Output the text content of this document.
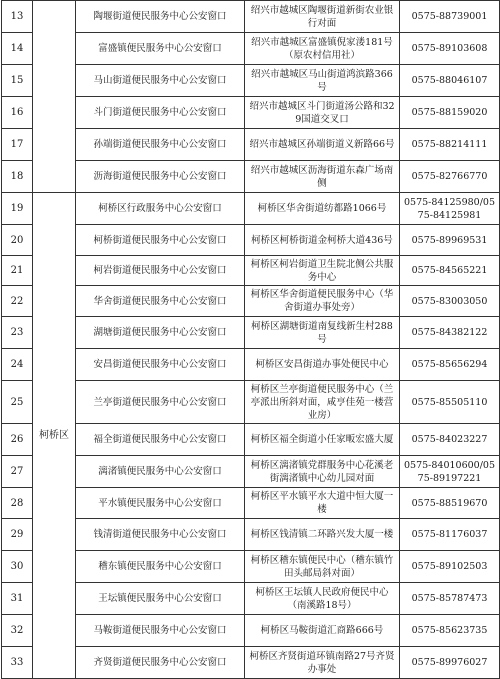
13		陶堰街道便民服务中心公安窗口	绍兴市越城区陶堰街道新街农业银行对面	0575-88739001
14		富盛镇便民服务中心公安窗口	绍兴市越城区富盛镇倪家溇181号（原农村信用社）	0575-89103608
15		马山街道便民服务中心公安窗口	绍兴市越城区马山街道鸿滨路366号	0575-88046107
16		斗门街道便民服务中心公安窗口	绍兴市越城区斗门街道汤公路和329国道交叉口	0575-88159020
17		孙端街道便民服务中心公安窗口	绍兴市越城区孙端街道义新路66号	0575-88214111
18		沥海街道便民服务中心公安窗口	绍兴市越城区沥海街道东森广场南侧	0575-82766770
19	柯桥区	柯桥区行政服务中心公安窗口	柯桥区华舍街道纺都路1066号	0575-84125980/0575-84125981
20		柯桥街道便民服务中心公安窗口	柯桥区柯桥街道金柯桥大道436号	0575-89969531
21		柯岩街道便民服务中心公安窗口	柯桥区柯岩街道卫生院北侧公共服务中心	0575-84565221
22		华舍街道便民服务中心公安窗口	柯桥区华舍街道便民服务中心（华舍街道办事处旁）	0575-83003050
23		湖塘街道便民服务中心公安窗口	柯桥区湖塘街道南复线新生村288号	0575-84382122
24		安昌街道便民服务中心公安窗口	柯桥区安昌街道办事处便民中心	0575-85656294
25		兰亭街道便民服务中心公安窗口	柯桥区兰亭街道便民服务中心（兰亭派出所斜对面，咸亨佳苑一楼营业房）	0575-85505110
26		福全街道便民服务中心公安窗口	柯桥区福全街道小任家畈宏盛大厦	0575-84023227
27		漓渚镇便民服务中心公安窗口	柯桥区漓渚镇党群服务中心花溪老街漓渚镇中心幼儿园对面	0575-84010600/0575-89197221
28		平水镇便民服务中心公安窗口	柯桥区平水镇平水大道中恒大厦一楼	0575-88519670
29		钱清街道便民服务中心公安窗口	柯桥区钱清镇二环路兴发大厦一楼	0575-81176037
30		稽东镇便民服务中心公安窗口	柯桥区稽东镇便民中心（稽东镇竹田头邮局斜对面）	0575-89102503
31		王坛镇便民服务中心公安窗口	柯桥区王坛镇人民政府便民中心（南溪路18号）	0575-85787473
32		马鞍街道便民服务中心公安窗口	柯桥区马鞍街道汇商路666号	0575-85623735
33		齐贤街道便民服务中心公安窗口	柯桥区齐贤街道环镇南路27号齐贤办事处	0575-89976027
